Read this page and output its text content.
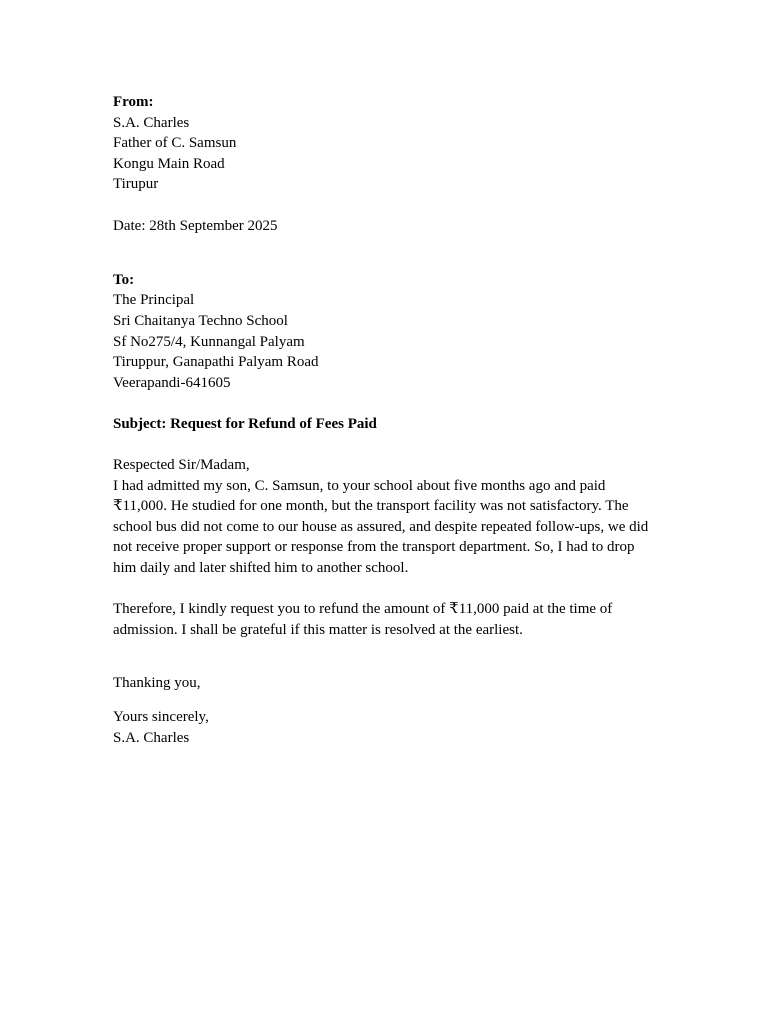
From:
S.A. Charles
Father of C. Samsun
Kongu Main Road
Tirupur
Date: 28th September 2025
To:
The Principal
Sri Chaitanya Techno School
Sf No275/4, Kunnangal Palyam
Tiruppur, Ganapathi Palyam Road
Veerapandi-641605
Subject: Request for Refund of Fees Paid
Respected Sir/Madam,
I had admitted my son, C. Samsun, to your school about five months ago and paid
₹11,000. He studied for one month, but the transport facility was not satisfactory. The
school bus did not come to our house as assured, and despite repeated follow-ups, we did
not receive proper support or response from the transport department. So, I had to drop
him daily and later shifted him to another school.
Therefore, I kindly request you to refund the amount of ₹11,000 paid at the time of
admission. I shall be grateful if this matter is resolved at the earliest.
Thanking you,
Yours sincerely,
S.A. Charles
